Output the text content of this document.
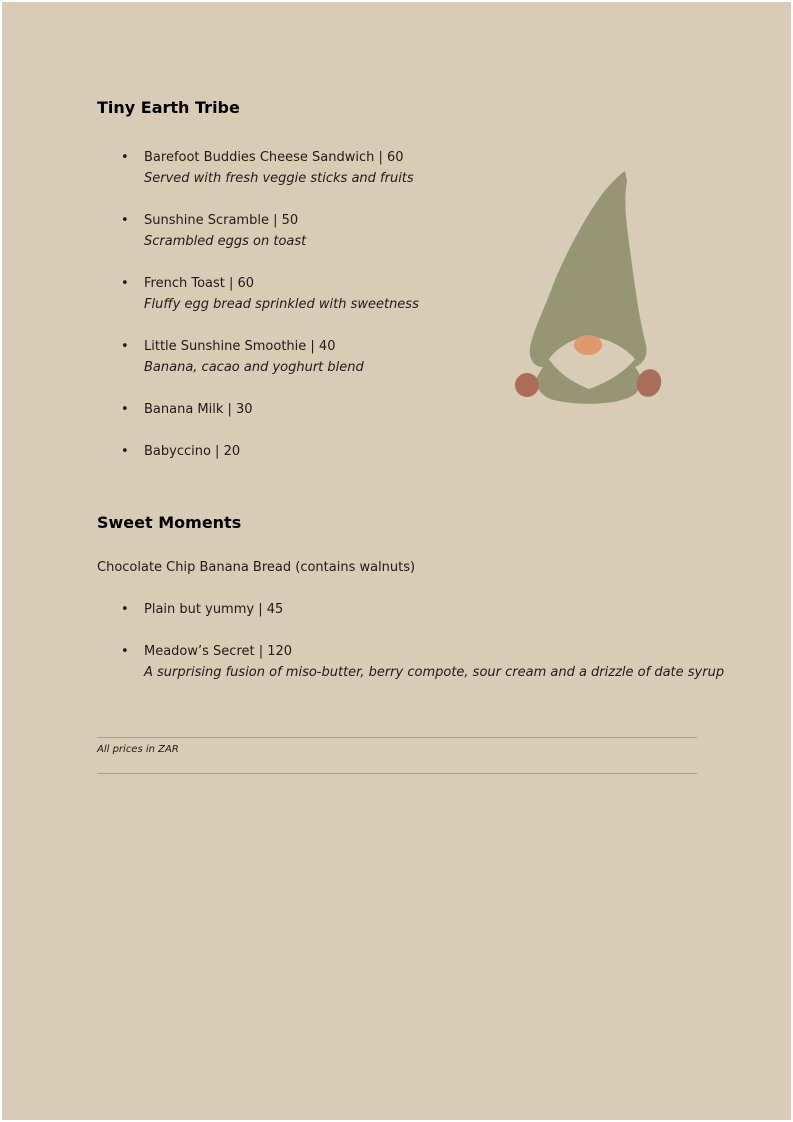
Tiny Earth Tribe
• Barefoot Buddies Cheese Sandwich | 60
Served with fresh veggie sticks and fruits
• Sunshine Scramble | 50
Scrambled eggs on toast
• French Toast | 60
Fluffy egg bread sprinkled with sweetness
• Little Sunshine Smoothie | 40
Banana, cacao and yoghurt blend
• Banana Milk | 30
• Babyccino | 20
Sweet Moments
Chocolate Chip Banana Bread (contains walnuts)
• Plain but yummy | 45
• Meadow’s Secret | 120
A surprising fusion of miso-butter, berry compote, sour cream and a drizzle of date syrup
All prices in ZAR
